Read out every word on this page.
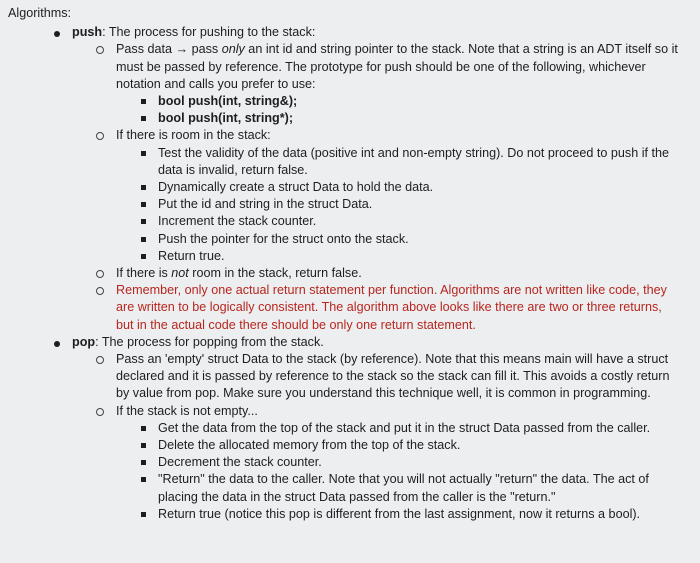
Algorithms:
push: The process for pushing to the stack:
Pass data → pass only an int id and string pointer to the stack. Note that a string is an ADT itself so it must be passed by reference. The prototype for push should be one of the following, whichever notation and calls you prefer to use:
bool push(int, string&);
bool push(int, string*);
If there is room in the stack:
Test the validity of the data (positive int and non-empty string). Do not proceed to push if the data is invalid, return false.
Dynamically create a struct Data to hold the data.
Put the id and string in the struct Data.
Increment the stack counter.
Push the pointer for the struct onto the stack.
Return true.
If there is not room in the stack, return false.
Remember, only one actual return statement per function. Algorithms are not written like code, they are written to be logically consistent. The algorithm above looks like there are two or three returns, but in the actual code there should be only one return statement.
pop: The process for popping from the stack.
Pass an 'empty' struct Data to the stack (by reference). Note that this means main will have a struct declared and it is passed by reference to the stack so the stack can fill it. This avoids a costly return by value from pop. Make sure you understand this technique well, it is common in programming.
If the stack is not empty...
Get the data from the top of the stack and put it in the struct Data passed from the caller.
Delete the allocated memory from the top of the stack.
Decrement the stack counter.
"Return" the data to the caller. Note that you will not actually "return" the data. The act of placing the data in the struct Data passed from the caller is the "return."
Return true (notice this pop is different from the last assignment, now it returns a bool).
